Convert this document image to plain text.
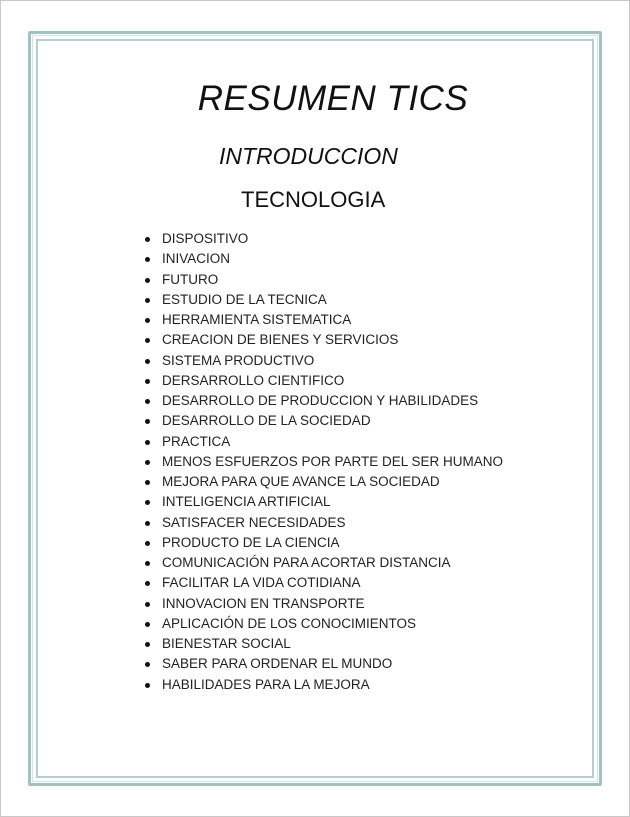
RESUMEN TICS
INTRODUCCION
TECNOLOGIA
DISPOSITIVO
INIVACION
FUTURO
ESTUDIO DE LA TECNICA
HERRAMIENTA SISTEMATICA
CREACION DE BIENES Y SERVICIOS
SISTEMA PRODUCTIVO
DERSARROLLO CIENTIFICO
DESARROLLO DE PRODUCCION Y HABILIDADES
DESARROLLO DE LA SOCIEDAD
PRACTICA
MENOS ESFUERZOS POR PARTE DEL SER HUMANO
MEJORA PARA QUE AVANCE LA SOCIEDAD
INTELIGENCIA ARTIFICIAL
SATISFACER NECESIDADES
PRODUCTO DE LA CIENCIA
COMUNICACIÓN PARA ACORTAR DISTANCIA
FACILITAR LA VIDA COTIDIANA
INNOVACION EN TRANSPORTE
APLICACIÓN DE LOS CONOCIMIENTOS
BIENESTAR SOCIAL
SABER PARA ORDENAR EL MUNDO
HABILIDADES PARA LA MEJORA
